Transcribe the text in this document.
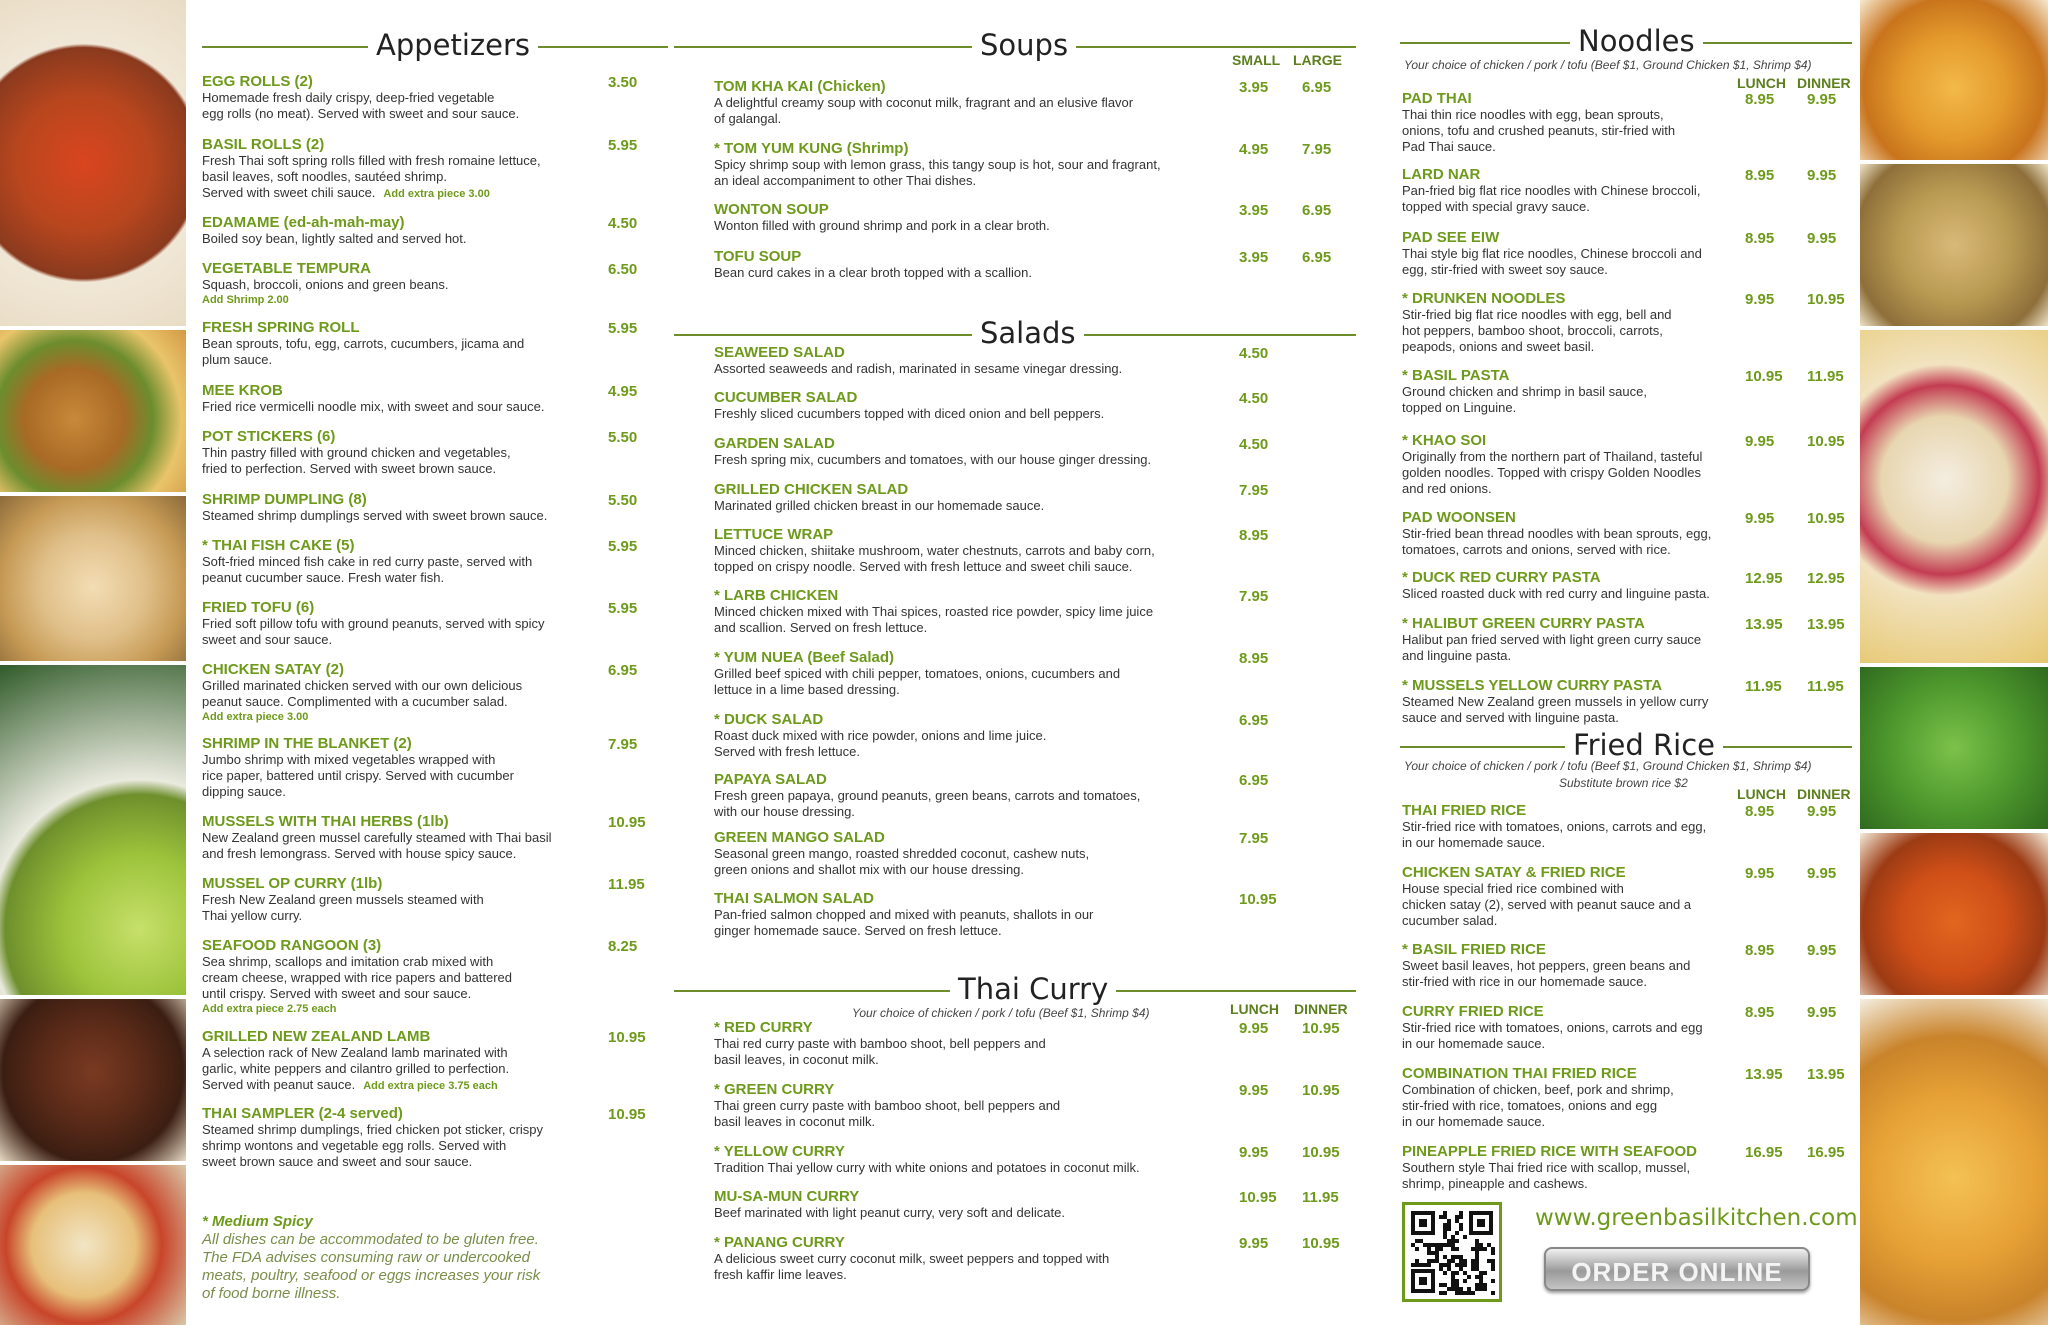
Appetizers
EGG ROLLS (2)
Homemade fresh daily crispy, deep-fried vegetable
egg rolls (no meat). Served with sweet and sour sauce.
3.50
BASIL ROLLS (2)
Fresh Thai soft spring rolls filled with fresh romaine lettuce,
basil leaves, soft noodles, sautéed shrimp.
Served with sweet chili sauce. Add extra piece 3.00
5.95
EDAMAME (ed-ah-mah-may)
Boiled soy bean, lightly salted and served hot.
4.50
VEGETABLE TEMPURA
Squash, broccoli, onions and green beans.
Add Shrimp 2.00
6.50
FRESH SPRING ROLL
Bean sprouts, tofu, egg, carrots, cucumbers, jicama and
plum sauce.
5.95
MEE KROB
Fried rice vermicelli noodle mix, with sweet and sour sauce.
4.95
POT STICKERS (6)
Thin pastry filled with ground chicken and vegetables,
fried to perfection. Served with sweet brown sauce.
5.50
SHRIMP DUMPLING (8)
Steamed shrimp dumplings served with sweet brown sauce.
5.50
* THAI FISH CAKE (5)
Soft-fried minced fish cake in red curry paste, served with
peanut cucumber sauce. Fresh water fish.
5.95
FRIED TOFU (6)
Fried soft pillow tofu with ground peanuts, served with spicy
sweet and sour sauce.
5.95
CHICKEN SATAY (2)
Grilled marinated chicken served with our own delicious
peanut sauce. Complimented with a cucumber salad.
Add extra piece 3.00
6.95
SHRIMP IN THE BLANKET (2)
Jumbo shrimp with mixed vegetables wrapped with
rice paper, battered until crispy. Served with cucumber
dipping sauce.
7.95
MUSSELS WITH THAI HERBS (1lb)
New Zealand green mussel carefully steamed with Thai basil
and fresh lemongrass. Served with house spicy sauce.
10.95
MUSSEL OP CURRY (1lb)
Fresh New Zealand green mussels steamed with
Thai yellow curry.
11.95
SEAFOOD RANGOON (3)
Sea shrimp, scallops and imitation crab mixed with
cream cheese, wrapped with rice papers and battered
until crispy. Served with sweet and sour sauce.
Add extra piece 2.75 each
8.25
GRILLED NEW ZEALAND LAMB
A selection rack of New Zealand lamb marinated with
garlic, white peppers and cilantro grilled to perfection.
Served with peanut sauce. Add extra piece 3.75 each
10.95
THAI SAMPLER (2-4 served)
Steamed shrimp dumplings, fried chicken pot sticker, crispy
shrimp wontons and vegetable egg rolls. Served with
sweet brown sauce and sweet and sour sauce.
10.95
* Medium Spicy
All dishes can be accommodated to be gluten free.
The FDA advises consuming raw or undercooked
meats, poultry, seafood or eggs increases your risk
of food borne illness.
Soups	SMALL LARGE
TOM KHA KAI (Chicken)
A delightful creamy soup with coconut milk, fragrant and an elusive flavor
of galangal.
3.95 6.95
* TOM YUM KUNG (Shrimp)
Spicy shrimp soup with lemon grass, this tangy soup is hot, sour and fragrant,
an ideal accompaniment to other Thai dishes.
4.95 7.95
WONTON SOUP
Wonton filled with ground shrimp and pork in a clear broth.
3.95 6.95
TOFU SOUP
Bean curd cakes in a clear broth topped with a scallion.
3.95 6.95
Salads
SEAWEED SALAD
Assorted seaweeds and radish, marinated in sesame vinegar dressing.
4.50
CUCUMBER SALAD
Freshly sliced cucumbers topped with diced onion and bell peppers.
4.50
GARDEN SALAD
Fresh spring mix, cucumbers and tomatoes, with our house ginger dressing.
4.50
GRILLED CHICKEN SALAD
Marinated grilled chicken breast in our homemade sauce.
7.95
LETTUCE WRAP
Minced chicken, shiitake mushroom, water chestnuts, carrots and baby corn,
topped on crispy noodle. Served with fresh lettuce and sweet chili sauce.
8.95
* LARB CHICKEN
Minced chicken mixed with Thai spices, roasted rice powder, spicy lime juice
and scallion. Served on fresh lettuce.
7.95
* YUM NUEA (Beef Salad)
Grilled beef spiced with chili pepper, tomatoes, onions, cucumbers and
lettuce in a lime based dressing.
8.95
* DUCK SALAD
Roast duck mixed with rice powder, onions and lime juice.
Served with fresh lettuce.
6.95
PAPAYA SALAD
Fresh green papaya, ground peanuts, green beans, carrots and tomatoes,
with our house dressing.
6.95
GREEN MANGO SALAD
Seasonal green mango, roasted shredded coconut, cashew nuts,
green onions and shallot mix with our house dressing.
7.95
THAI SALMON SALAD
Pan-fried salmon chopped and mixed with peanuts, shallots in our
ginger homemade sauce. Served on fresh lettuce.
10.95
Thai Curry
Your choice of chicken / pork / tofu (Beef $1, Shrimp $4)	LUNCH DINNER
* RED CURRY
Thai red curry paste with bamboo shoot, bell peppers and
basil leaves, in coconut milk.
9.95 10.95
* GREEN CURRY
Thai green curry paste with bamboo shoot, bell peppers and
basil leaves in coconut milk.
9.95 10.95
* YELLOW CURRY
Tradition Thai yellow curry with white onions and potatoes in coconut milk.
9.95 10.95
MU-SA-MUN CURRY
Beef marinated with light peanut curry, very soft and delicate.
10.95 11.95
* PANANG CURRY
A delicious sweet curry coconut milk, sweet peppers and topped with
fresh kaffir lime leaves.
9.95 10.95
Noodles
Your choice of chicken / pork / tofu (Beef $1, Ground Chicken $1, Shrimp $4)
LUNCH DINNER
PAD THAI
Thai thin rice noodles with egg, bean sprouts,
onions, tofu and crushed peanuts, stir-fried with
Pad Thai sauce.
8.95 9.95
LARD NAR
Pan-fried big flat rice noodles with Chinese broccoli,
topped with special gravy sauce.
8.95 9.95
PAD SEE EIW
Thai style big flat rice noodles, Chinese broccoli and
egg, stir-fried with sweet soy sauce.
8.95 9.95
* DRUNKEN NOODLES
Stir-fried big flat rice noodles with egg, bell and
hot peppers, bamboo shoot, broccoli, carrots,
peapods, onions and sweet basil.
9.95 10.95
* BASIL PASTA
Ground chicken and shrimp in basil sauce,
topped on Linguine.
10.95 11.95
* KHAO SOI
Originally from the northern part of Thailand, tasteful
golden noodles. Topped with crispy Golden Noodles
and red onions.
9.95 10.95
PAD WOONSEN
Stir-fried bean thread noodles with bean sprouts, egg,
tomatoes, carrots and onions, served with rice.
9.95 10.95
* DUCK RED CURRY PASTA
Sliced roasted duck with red curry and linguine pasta.
12.95 12.95
* HALIBUT GREEN CURRY PASTA
Halibut pan fried served with light green curry sauce
and linguine pasta.
13.95 13.95
* MUSSELS YELLOW CURRY PASTA
Steamed New Zealand green mussels in yellow curry
sauce and served with linguine pasta.
11.95 11.95
Fried Rice
Your choice of chicken / pork / tofu (Beef $1, Ground Chicken $1, Shrimp $4)
Substitute brown rice $2
LUNCH DINNER
THAI FRIED RICE
Stir-fried rice with tomatoes, onions, carrots and egg,
in our homemade sauce.
8.95 9.95
CHICKEN SATAY & FRIED RICE
House special fried rice combined with
chicken satay (2), served with peanut sauce and a
cucumber salad.
9.95 9.95
* BASIL FRIED RICE
Sweet basil leaves, hot peppers, green beans and
stir-fried with rice in our homemade sauce.
8.95 9.95
CURRY FRIED RICE
Stir-fried rice with tomatoes, onions, carrots and egg
in our homemade sauce.
8.95 9.95
COMBINATION THAI FRIED RICE
Combination of chicken, beef, pork and shrimp,
stir-fried with rice, tomatoes, onions and egg
in our homemade sauce.
13.95 13.95
PINEAPPLE FRIED RICE WITH SEAFOOD
Southern style Thai fried rice with scallop, mussel,
shrimp, pineapple and cashews.
16.95 16.95
www.greenbasilkitchen.com
ORDER ONLINE
